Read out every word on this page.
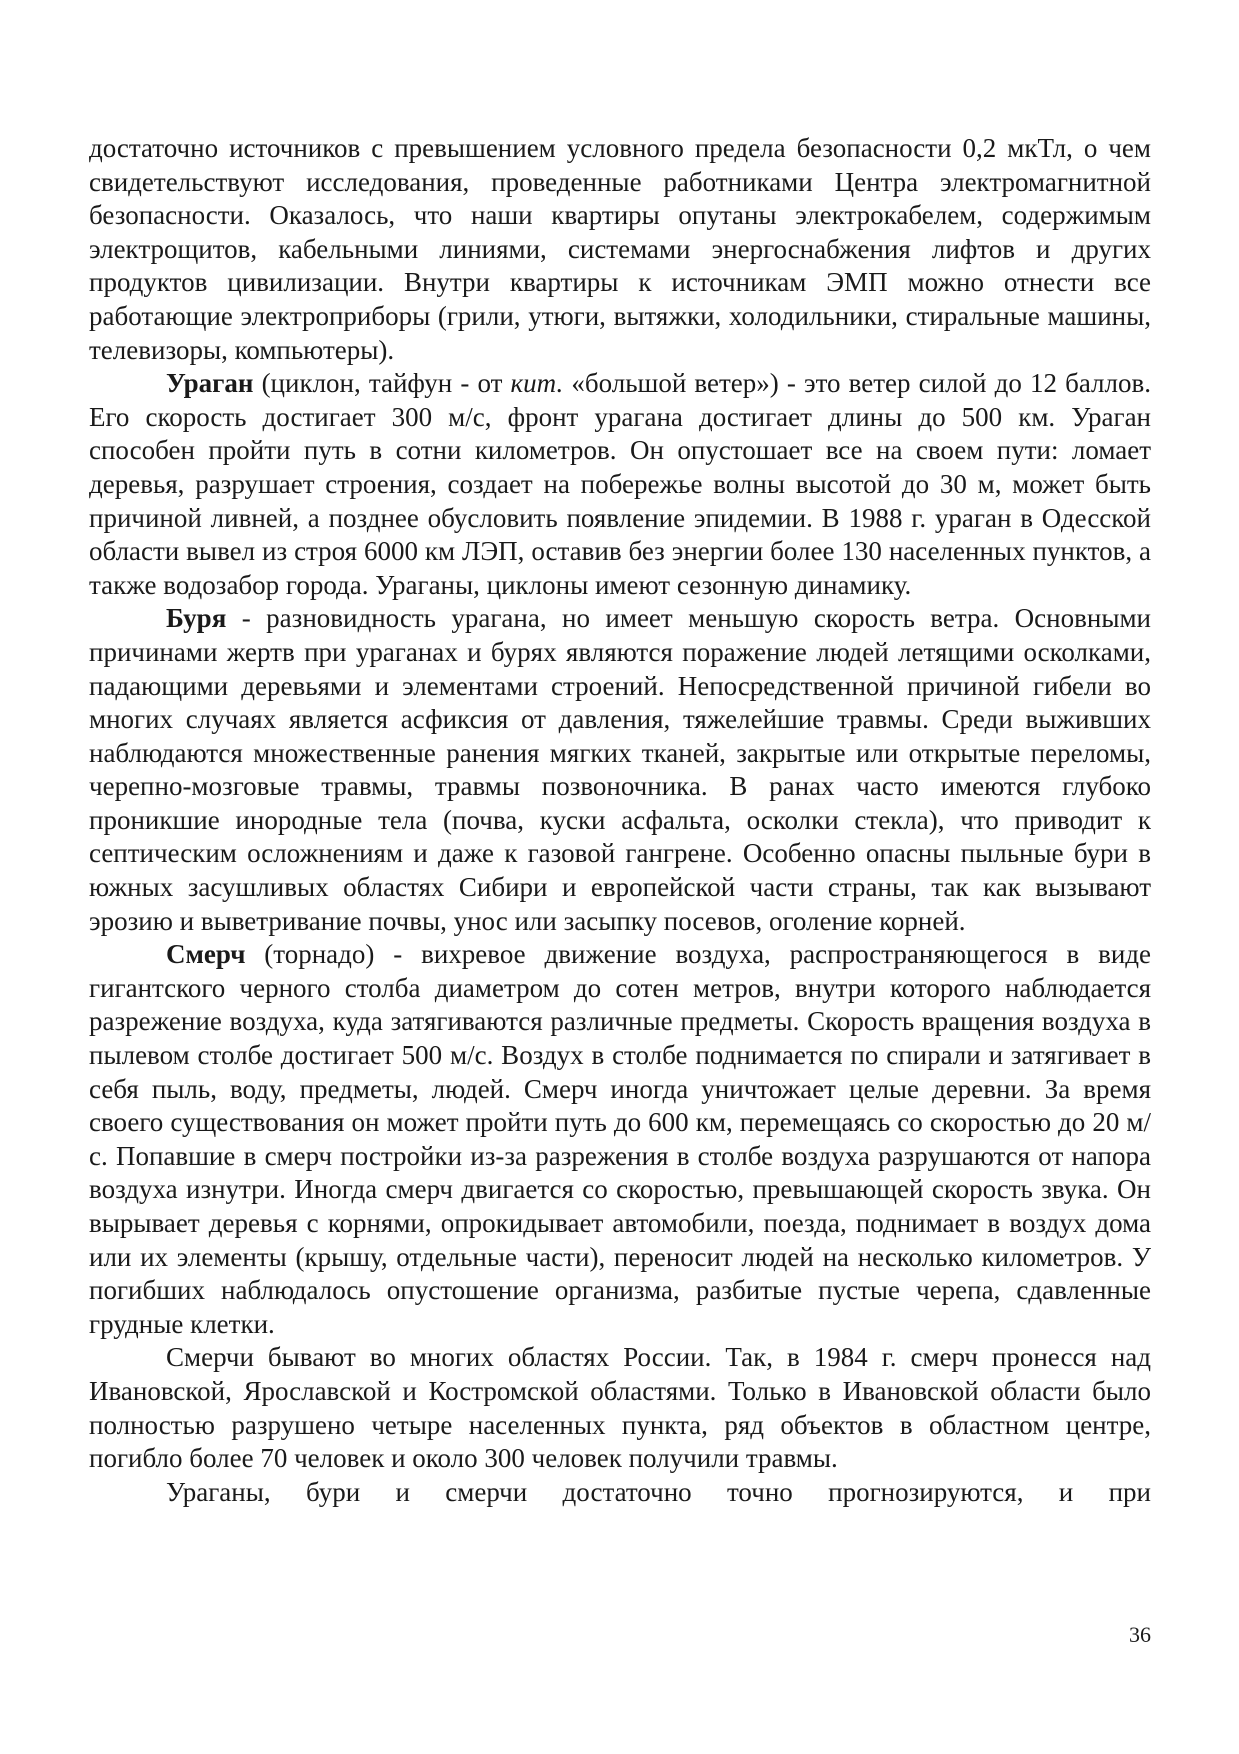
достаточно источников с превышением условного предела безопасности 0,2 мкТл, о чем свидетельствуют исследования, проведенные работниками Центра электромагнитной безопасности. Оказалось, что наши квартиры опутаны электрокабелем, содержимым электрощитов, кабельными линиями, системами энергоснабжения лифтов и других продуктов цивилизации. Внутри квартиры к источникам ЭМП можно отнести все работающие электроприборы (грили, утюги, вытяжки, холодильники, стиральные машины, телевизоры, компьютеры).

Ураган (циклон, тайфун - от кит. «большой ветер») - это ветер силой до 12 баллов. Его скорость достигает 300 м/с, фронт урагана достигает длины до 500 км. Ураган способен пройти путь в сотни километров. Он опустошает все на своем пути: ломает деревья, разрушает строения, создает на побережье волны высотой до 30 м, может быть причиной ливней, а позднее обусловить появление эпидемии. В 1988 г. ураган в Одесской области вывел из строя 6000 км ЛЭП, оставив без энергии более 130 населенных пунктов, а также водозабор города. Ураганы, циклоны имеют сезонную динамику.

Буря - разновидность урагана, но имеет меньшую скорость ветра. Основными причинами жертв при ураганах и бурях являются поражение людей летящими осколками, падающими деревьями и элементами строений. Непосредственной причиной гибели во многих случаях является асфиксия от давления, тяжелейшие травмы. Среди выживших наблюдаются множественные ранения мягких тканей, закрытые или открытые переломы, черепно-мозговые травмы, травмы позвоночника. В ранах часто имеются глубоко проникшие инородные тела (почва, куски асфальта, осколки стекла), что приводит к септическим осложнениям и даже к газовой гангрене. Особенно опасны пыльные бури в южных засушливых областях Сибири и европейской части страны, так как вызывают эрозию и выветривание почвы, унос или засыпку посевов, оголение корней.

Смерч (торнадо) - вихревое движение воздуха, распространяющегося в виде гигантского черного столба диаметром до сотен метров, внутри которого наблюдается разрежение воздуха, куда затягиваются различные предметы. Скорость вращения воздуха в пылевом столбе достигает 500 м/с. Воздух в столбе поднимается по спирали и затягивает в себя пыль, воду, предметы, людей. Смерч иногда уничтожает целые деревни. За время своего существования он может пройти путь до 600 км, перемещаясь со скоростью до 20 м/с. Попавшие в смерч постройки из-за разрежения в столбе воздуха разрушаются от напора воздуха изнутри. Иногда смерч двигается со скоростью, превышающей скорость звука. Он вырывает деревья с корнями, опрокидывает автомобили, поезда, поднимает в воздух дома или их элементы (крышу, отдельные части), переносит людей на несколько километров. У погибших наблюдалось опустошение организма, разбитые пустые черепа, сдавленные грудные клетки.

Смерчи бывают во многих областях России. Так, в 1984 г. смерч пронесся над Ивановской, Ярославской и Костромской областями. Только в Ивановской области было полностью разрушено четыре населенных пункта, ряд объектов в областном центре, погибло более 70 человек и около 300 человек получили травмы.

Ураганы, бури и смерчи достаточно точно прогнозируются, и при

36
